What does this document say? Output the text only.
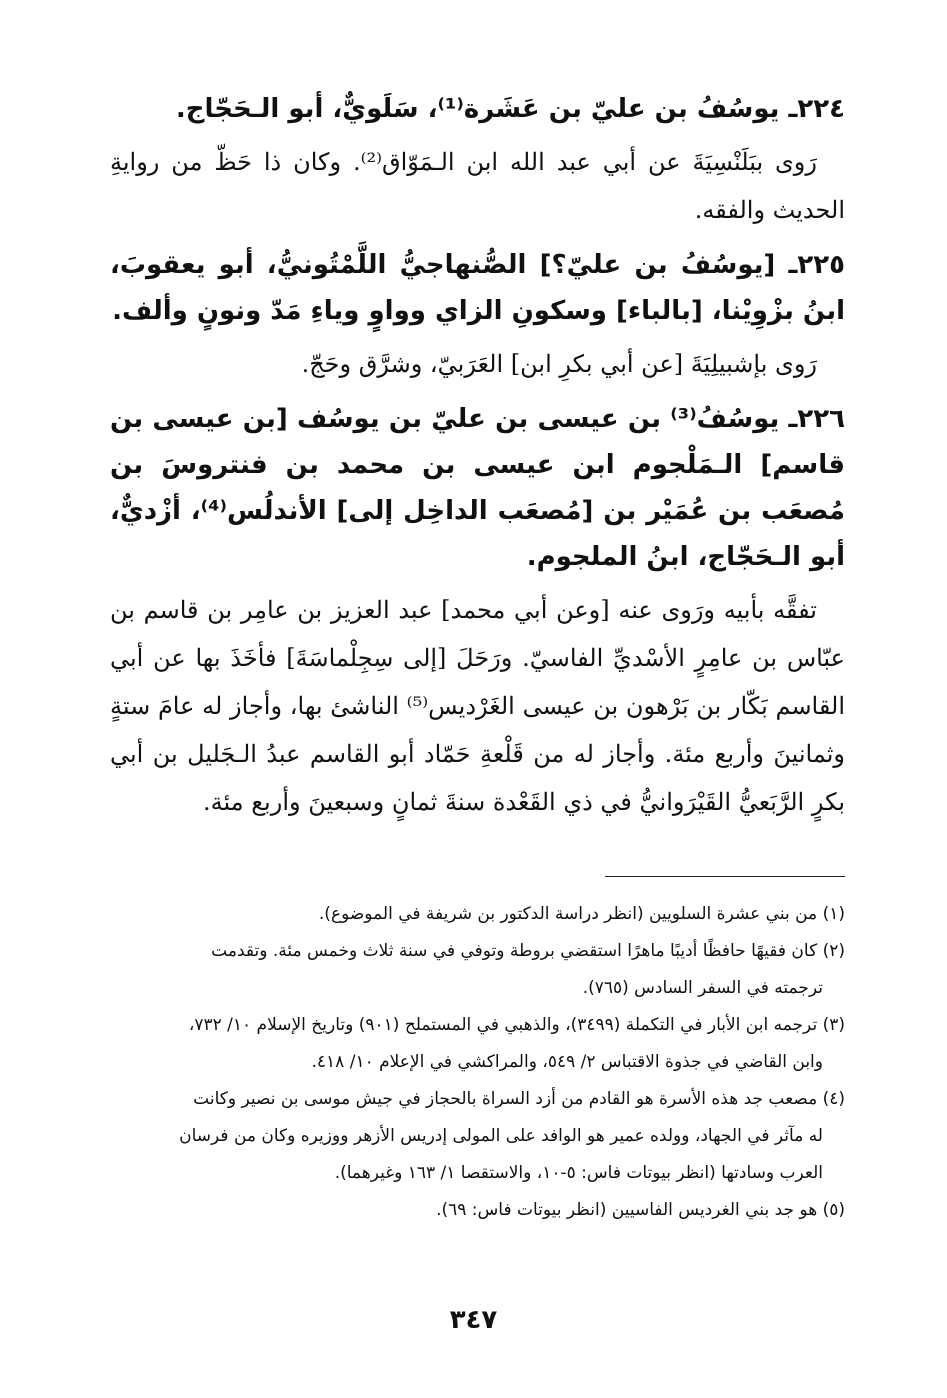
٢٢٤ـ يوسُفُ بن عليّ بن عَشَرة⁽¹⁾، سَلَويٌّ، أبو الـحَجّاج.
رَوى ببَلَنْسِيَةَ عن أبي عبد الله ابن الـمَوّاق⁽²⁾. وكان ذا حَظّ من روايةِ الحديث والفقه.
٢٢٥ـ [يوسُفُ بن عليّ؟] الصُّنهاجيُّ اللَّمْتُونيُّ، أبو يعقوبَ، ابنُ بزْوِيْنا، [بالباء] وسكونِ الزاي وواوٍ وياءِ مَدّ ونونٍ وألف.
رَوى بإشبيلِيَةَ [عن أبي بكرِ ابن] العَرَبيّ، وشرَّق وحَجّ.
٢٢٦ـ يوسُفُ⁽³⁾ بن عيسى بن عليّ بن يوسُف [بن عيسى بن قاسم] الـمَلْجوم ابن عيسى بن محمد بن فنتروسَ بن مُصعَب بن عُمَيْر بن [مُصعَب الداخِل إلى] الأندلُس⁽⁴⁾، أزْديٌّ، أبو الـحَجّاج، ابنُ الملجوم.
تفقَّه بأبيه ورَوى عنه [وعن أبي محمد] عبد العزيز بن عامِر بن قاسم بن عبّاس بن عامِرٍ الأسْديِّ الفاسيّ. ورَحَلَ [إلى سِجِلْماسَةَ] فأخَذَ بها عن أبي القاسم بَكّار بن بَرْهون بن عيسى الغَرْديس⁽⁵⁾ الناشئ بها، وأجاز له عامَ ستةٍ وثمانينَ وأربع مئة. وأجاز له من قَلْعةِ حَمّاد أبو القاسم عبدُ الـجَليل بن أبي بكرٍ الرَّبَعيُّ القَيْرَوانيُّ في ذي القَعْدة سنةَ ثمانٍ وسبعينَ وأربع مئة.
(١) من بني عشرة السلويين (انظر دراسة الدكتور بن شريفة في الموضوع).
(٢) كان فقيهًا حافظًا أديبًا ماهرًا استقضي بروطة وتوفي في سنة ثلاث وخمس مئة. وتقدمت
ترجمته في السفر السادس (٧٦٥).
(٣) ترجمه ابن الأبار في التكملة (٣٤٩٩)، والذهبي في المستملح (٩٠١) وتاريخ الإسلام ١٠/ ٧٣٢،
وابن القاضي في جذوة الاقتباس ٢/ ٥٤٩، والمراكشي في الإعلام ١٠/ ٤١٨.
(٤) مصعب جد هذه الأسرة هو القادم من أزد السراة بالحجاز في جيش موسى بن نصير وكانت
له مآثر في الجهاد، وولده عمير هو الوافد على المولى إدريس الأزهر ووزيره وكان من فرسان
العرب وسادتها (انظر بيوتات فاس: ٥-١٠، والاستقصا ١/ ١٦٣ وغيرهما).
(٥) هو جد بني الغرديس الفاسيين (انظر بيوتات فاس: ٦٩).
٣٤٧
